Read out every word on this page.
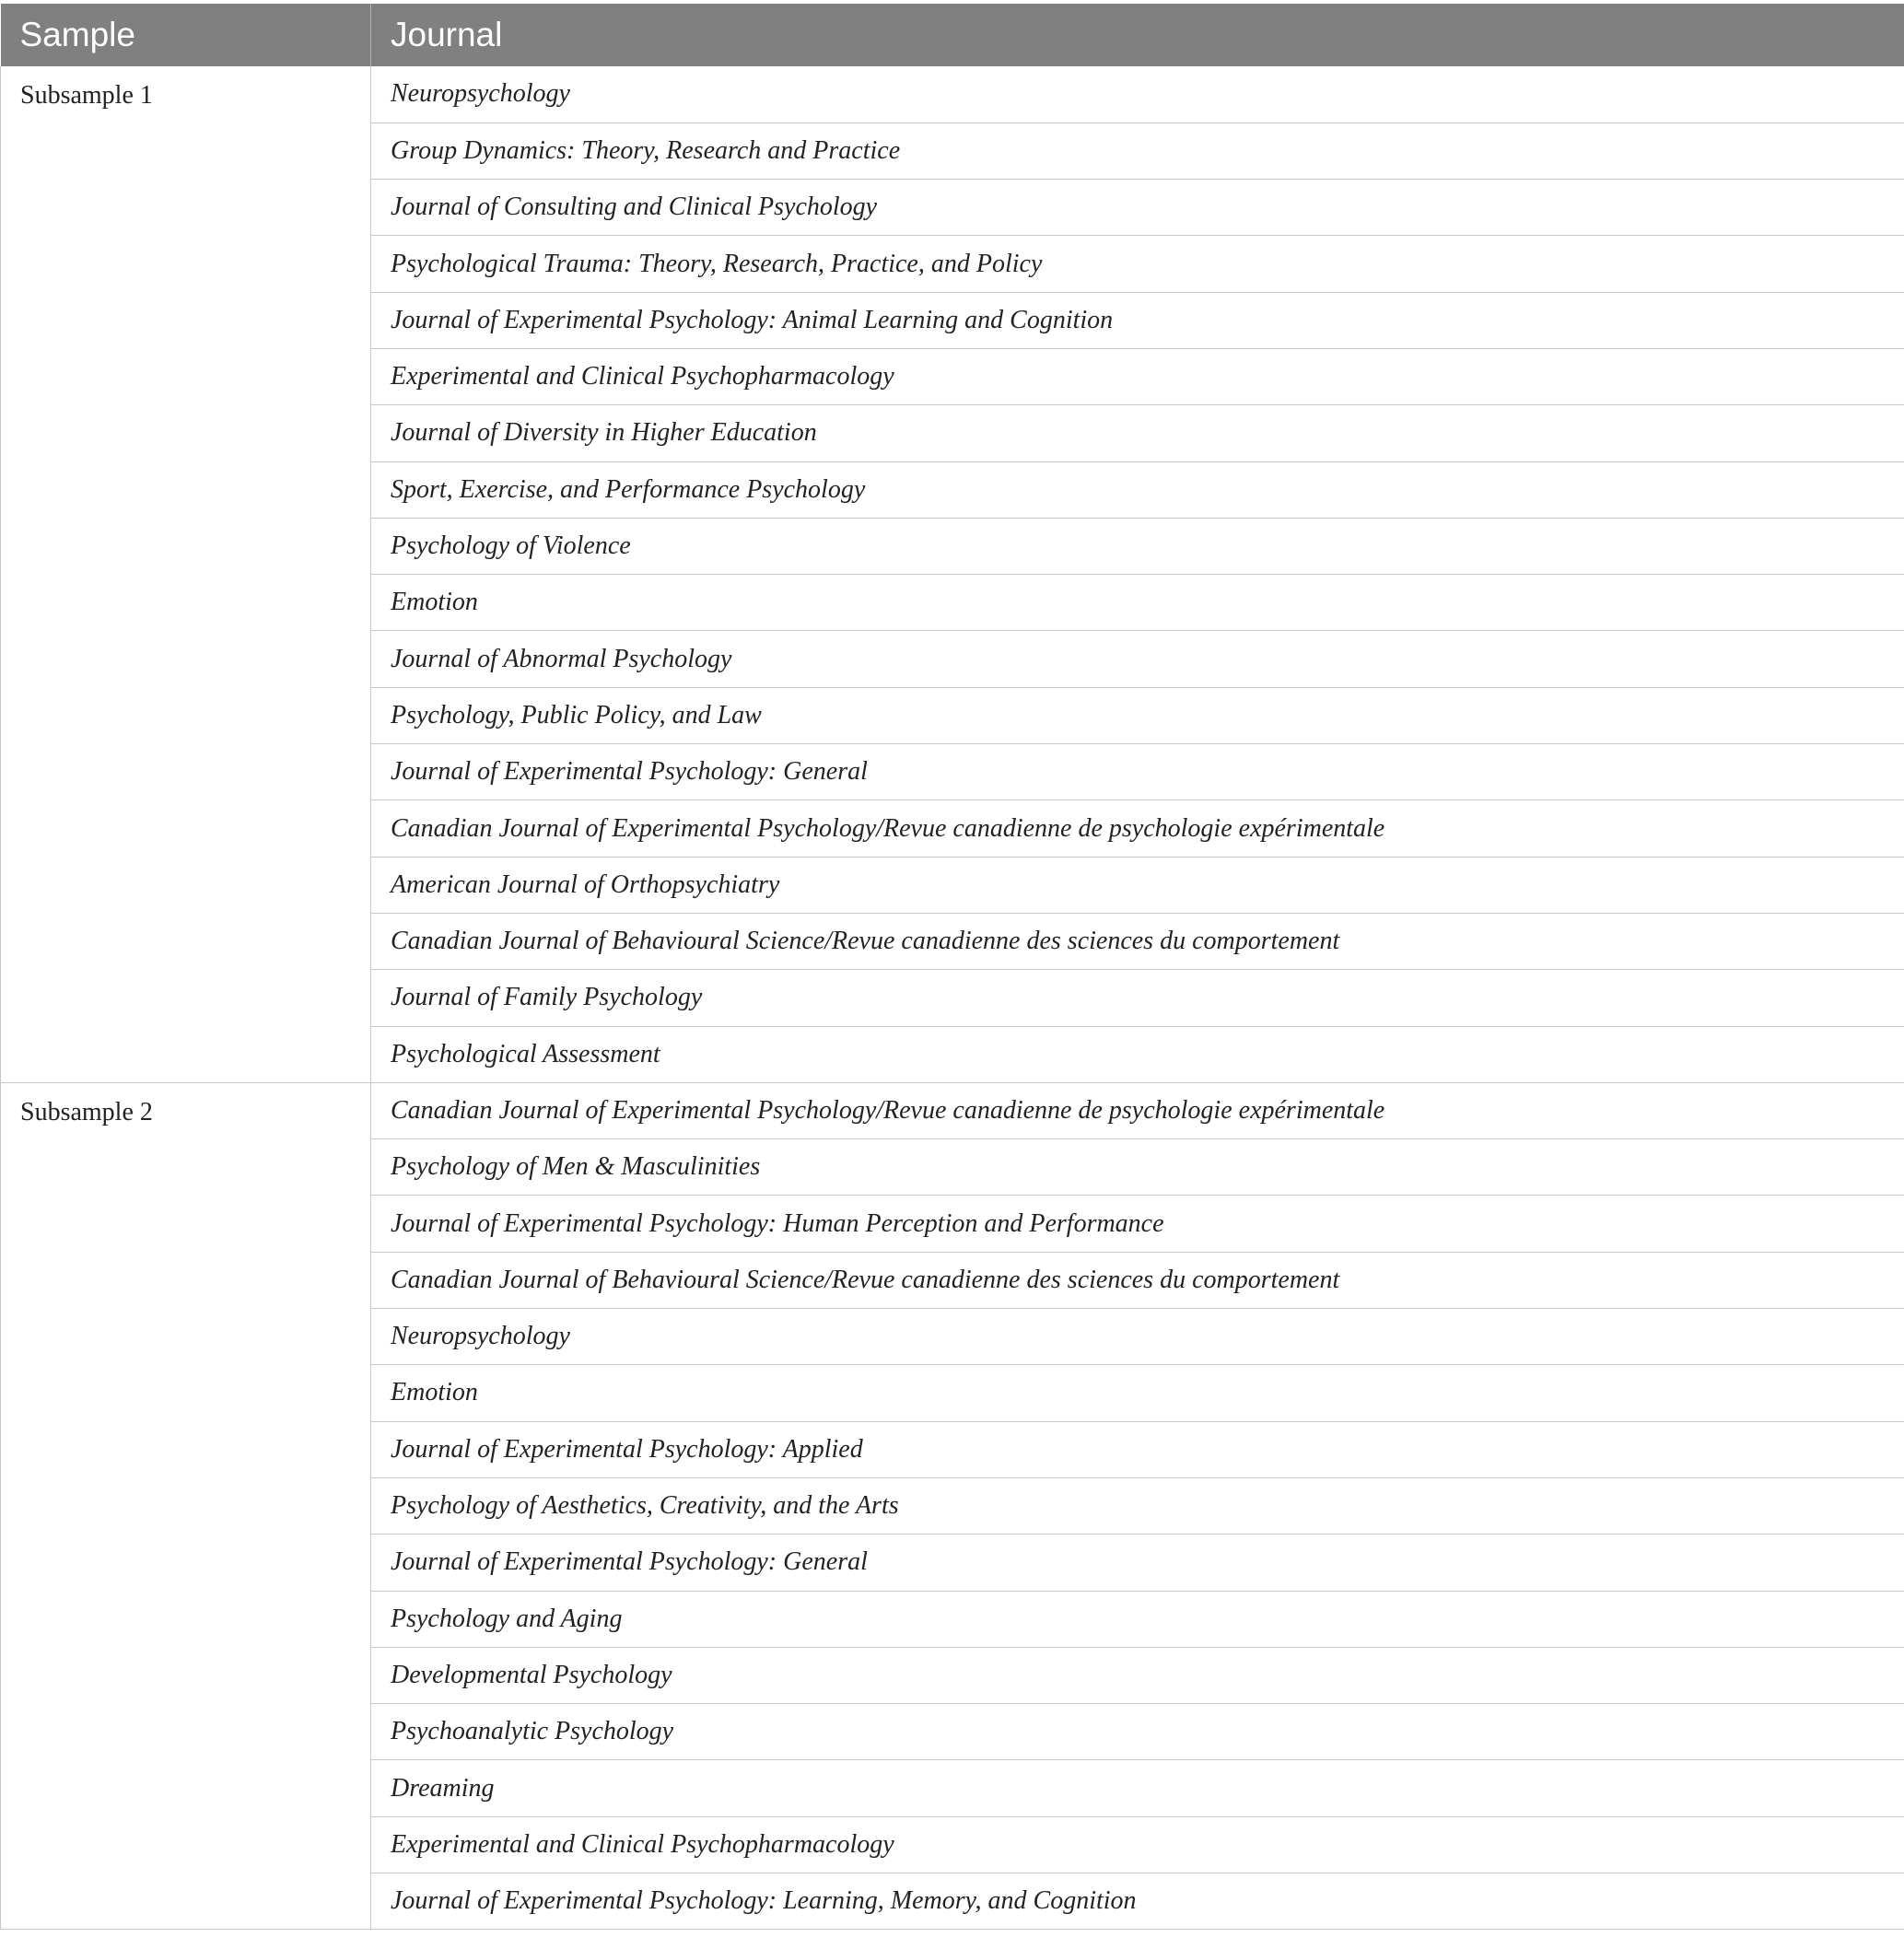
Sample	Journal
Subsample 1	Neuropsychology
	Group Dynamics: Theory, Research and Practice
	Journal of Consulting and Clinical Psychology
	Psychological Trauma: Theory, Research, Practice, and Policy
	Journal of Experimental Psychology: Animal Learning and Cognition
	Experimental and Clinical Psychopharmacology
	Journal of Diversity in Higher Education
	Sport, Exercise, and Performance Psychology
	Psychology of Violence
	Emotion
	Journal of Abnormal Psychology
	Psychology, Public Policy, and Law
	Journal of Experimental Psychology: General
	Canadian Journal of Experimental Psychology/Revue canadienne de psychologie expérimentale
	American Journal of Orthopsychiatry
	Canadian Journal of Behavioural Science/Revue canadienne des sciences du comportement
	Journal of Family Psychology
	Psychological Assessment
Subsample 2	Canadian Journal of Experimental Psychology/Revue canadienne de psychologie expérimentale
	Psychology of Men & Masculinities
	Journal of Experimental Psychology: Human Perception and Performance
	Canadian Journal of Behavioural Science/Revue canadienne des sciences du comportement
	Neuropsychology
	Emotion
	Journal of Experimental Psychology: Applied
	Psychology of Aesthetics, Creativity, and the Arts
	Journal of Experimental Psychology: General
	Psychology and Aging
	Developmental Psychology
	Psychoanalytic Psychology
	Dreaming
	Experimental and Clinical Psychopharmacology
	Journal of Experimental Psychology: Learning, Memory, and Cognition
